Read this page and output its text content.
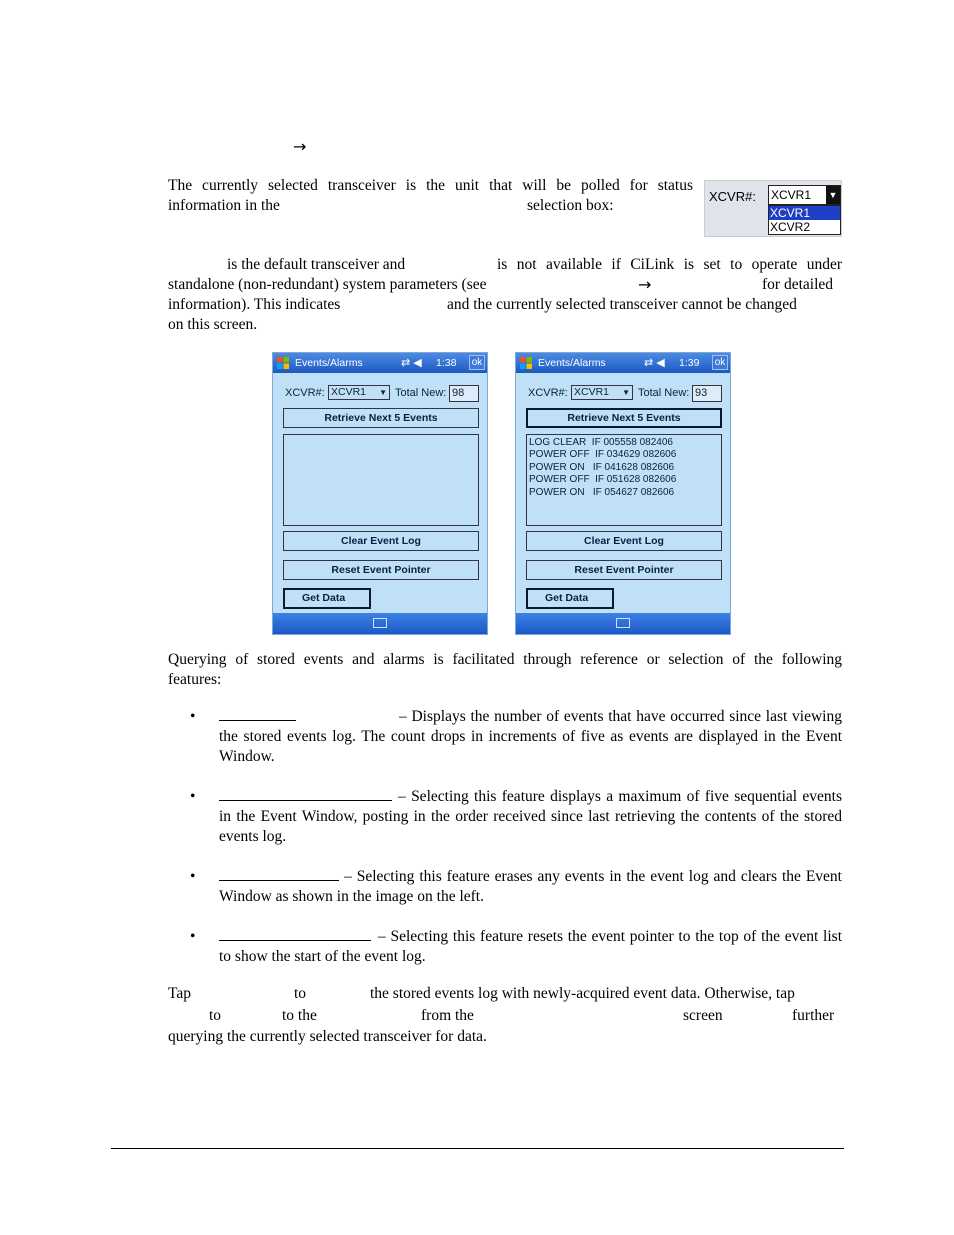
→
The currently selected transceiver is the unit that will be polled for status
information in the	selection box:
XCVR#: XCVR1 ▼
XCVR1
XCVR2
is the default transceiver and	is not available if CiLink is set to operate under
standalone (non-redundant) system parameters (see	→	for detailed
information). This indicates	and the currently selected transceiver cannot be changed
on this screen.
Events/Alarms	⇄ ◀︎ 1:38 ok
XCVR#: XCVR1 ▼ Total New: 98
Retrieve Next 5 Events
Clear Event Log
Reset Event Pointer
Get Data
Events/Alarms	⇄ ◀︎ 1:39 ok
XCVR#: XCVR1 ▼ Total New: 93
Retrieve Next 5 Events
LOG CLEAR  IF 005558 082406
POWER OFF  IF 034629 082606
POWER ON   IF 041628 082606
POWER OFF  IF 051628 082606
POWER ON   IF 054627 082606
Clear Event Log
Reset Event Pointer
Get Data
Querying of stored events and alarms is facilitated through reference or selection of the following
features:
•	– Displays the number of events that have occurred since last viewing the stored events log. The count drops in increments of five as events are displayed in the Event Window.
•	– Selecting this feature displays a maximum of five sequential events in the Event Window, posting in the order received since last retrieving the contents of the stored events log.
•	– Selecting this feature erases any events in the event log and clears the Event Window as shown in the image on the left.
•	– Selecting this feature resets the event pointer to the top of the event list to show the start of the event log.
Tap	to	the stored events log with newly-acquired event data. Otherwise, tap
to	to the	from the	screen	further
querying the currently selected transceiver for data.
